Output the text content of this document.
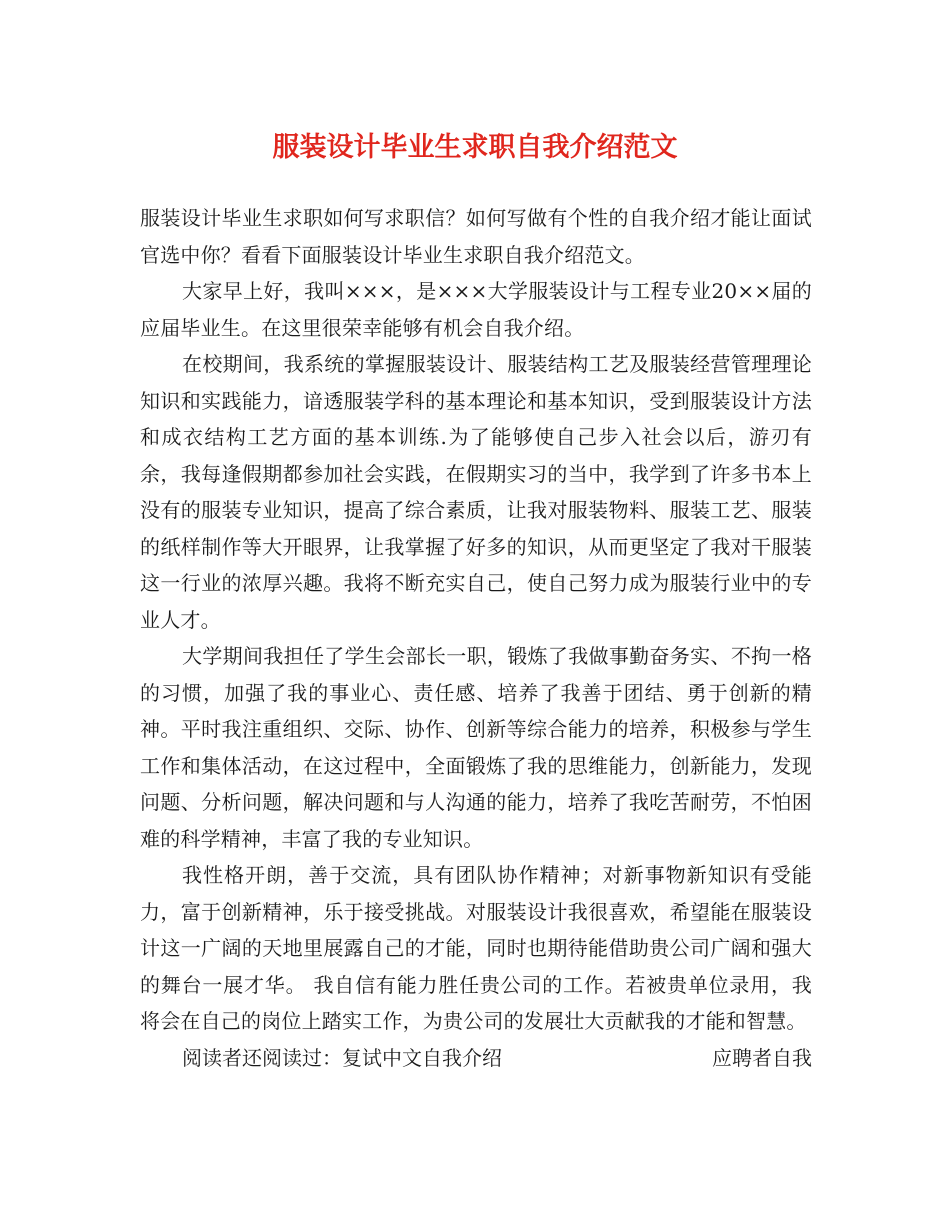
服装设计毕业生求职自我介绍范文

服装设计毕业生求职如何写求职信？如何写做有个性的自我介绍才能让面试官选中你？看看下面服装设计毕业生求职自我介绍范文。

大家早上好，我叫×××，是×××大学服装设计与工程专业20××届的应届毕业生。在这里很荣幸能够有机会自我介绍。

在校期间，我系统的掌握服装设计、服装结构工艺及服装经营管理理论知识和实践能力，谙透服装学科的基本理论和基本知识，受到服装设计方法和成衣结构工艺方面的基本训练.为了能够使自己步入社会以后，游刃有余，我每逢假期都参加社会实践，在假期实习的当中，我学到了许多书本上没有的服装专业知识，提高了综合素质，让我对服装物料、服装工艺、服装的纸样制作等大开眼界，让我掌握了好多的知识，从而更坚定了我对干服装这一行业的浓厚兴趣。我将不断充实自己，使自己努力成为服装行业中的专业人才。

大学期间我担任了学生会部长一职，锻炼了我做事勤奋务实、不拘一格的习惯，加强了我的事业心、责任感、培养了我善于团结、勇于创新的精神。平时我注重组织、交际、协作、创新等综合能力的培养，积极参与学生工作和集体活动，在这过程中，全面锻炼了我的思维能力，创新能力，发现问题、分析问题，解决问题和与人沟通的能力，培养了我吃苦耐劳，不怕困难的科学精神，丰富了我的专业知识。

我性格开朗，善于交流，具有团队协作精神；对新事物新知识有受能力，富于创新精神，乐于接受挑战。对服装设计我很喜欢，希望能在服装设计这一广阔的天地里展露自己的才能，同时也期待能借助贵公司广阔和强大的舞台一展才华。 我自信有能力胜任贵公司的工作。若被贵单位录用，我将会在自己的岗位上踏实工作，为贵公司的发展壮大贡献我的才能和智慧。

阅读者还阅读过：复试中文自我介绍	应聘者自我
